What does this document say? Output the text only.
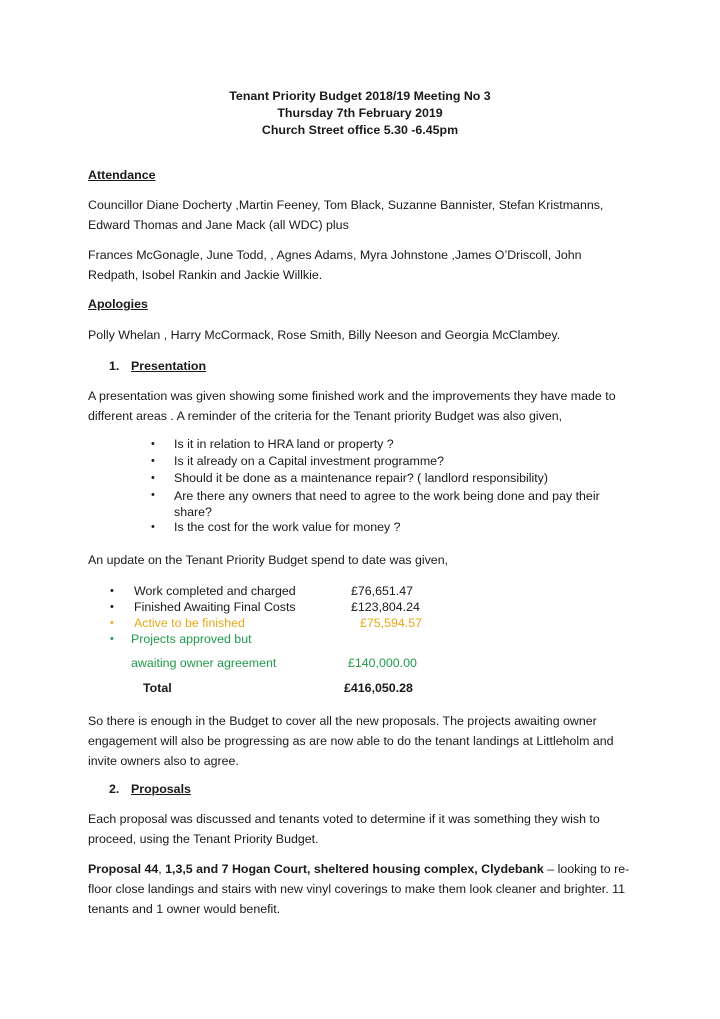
Tenant Priority Budget 2018/19 Meeting No 3

Thursday 7th February 2019

Church Street office 5.30 -6.45pm

Attendance

Councillor Diane Docherty ,Martin Feeney, Tom Black, Suzanne Bannister, Stefan Kristmanns, Edward Thomas and Jane Mack (all WDC) plus

Frances McGonagle, June Todd, , Agnes Adams, Myra Johnstone ,James O’Driscoll, John Redpath, Isobel Rankin and Jackie Willkie.

Apologies

Polly Whelan , Harry McCormack, Rose Smith, Billy Neeson and Georgia McClambey.

1. Presentation

A presentation was given showing some finished work and the improvements they have made to different areas . A reminder of the criteria for the Tenant priority Budget was also given,

• Is it in relation to HRA land or property ?

• Is it already on a Capital investment programme?

• Should it be done as a maintenance repair? ( landlord responsibility)

• Are there any owners that need to agree to the work being done and pay their share?

• Is the cost for the work value for money ?

An update on the Tenant Priority Budget spend to date was given,

• Work completed and charged	£76,651.47

• Finished Awaiting Final Costs	£123,804.24

• Active to be finished	£75,594.57

• Projects approved but

awaiting owner agreement	£140,000.00

Total	£416,050.28

So there is enough in the Budget to cover all the new proposals. The projects awaiting owner engagement will also be progressing as are now able to do the tenant landings at Littleholm and invite owners also to agree.

2. Proposals

Each proposal was discussed and tenants voted to determine if it was something they wish to proceed, using the Tenant Priority Budget.

Proposal 44, 1,3,5 and 7 Hogan Court, sheltered housing complex, Clydebank – looking to re-floor close landings and stairs with new vinyl coverings to make them look cleaner and brighter. 11 tenants and 1 owner would benefit.
